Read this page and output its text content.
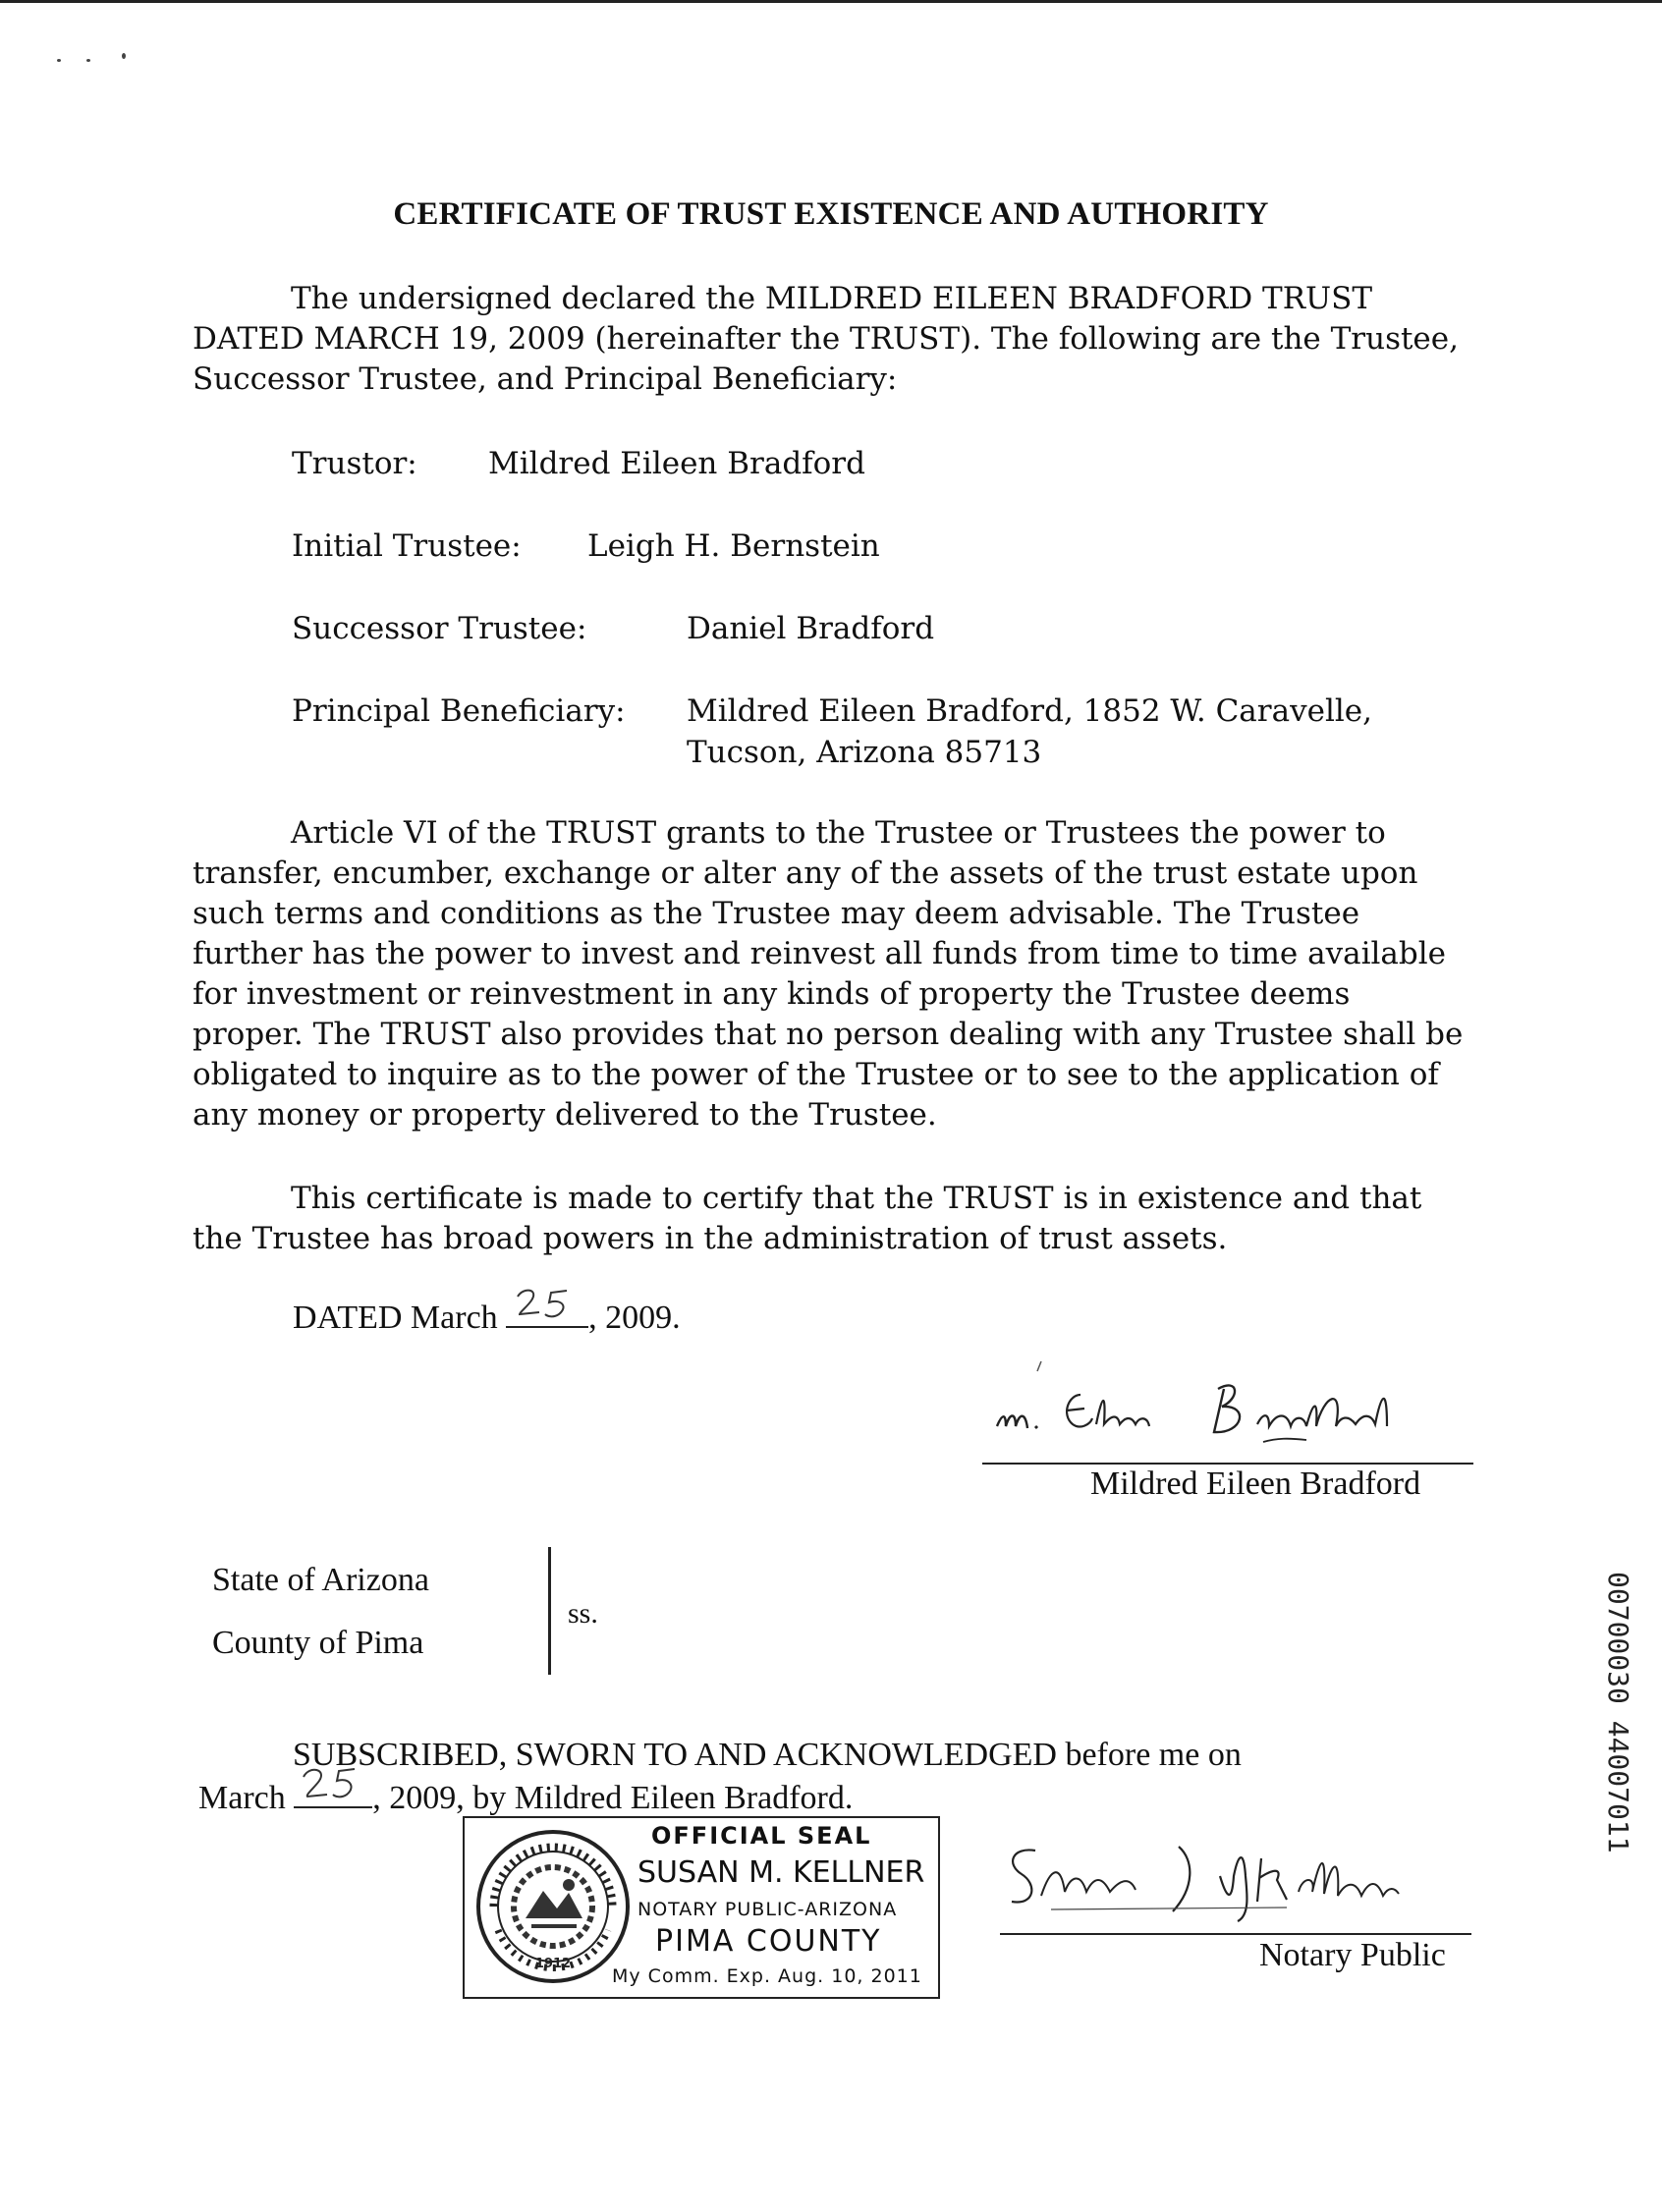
CERTIFICATE OF TRUST EXISTENCE AND AUTHORITY

The undersigned declared the MILDRED EILEEN BRADFORD TRUST DATED MARCH 19, 2009 (hereinafter the TRUST). The following are the Trustee, Successor Trustee, and Principal Beneficiary:

Trustor: Mildred Eileen Bradford
Initial Trustee: Leigh H. Bernstein
Successor Trustee:	Daniel Bradford
Principal Beneficiary: Mildred Eileen Bradford, 1852 W. Caravelle,
Tucson, Arizona 85713

Article VI of the TRUST grants to the Trustee or Trustees the power to transfer, encumber, exchange or alter any of the assets of the trust estate upon such terms and conditions as the Trustee may deem advisable. The Trustee further has the power to invest and reinvest all funds from time to time available for investment or reinvestment in any kinds of property the Trustee deems proper. The TRUST also provides that no person dealing with any Trustee shall be obligated to inquire as to the power of the Trustee or to see to the application of any money or property delivered to the Trustee.

This certificate is made to certify that the TRUST is in existence and that the Trustee has broad powers in the administration of trust assets.

DATED March	, 2009.
Mildred Eileen Bradford
State of Arizona
County of Pima
ss.

SUBSCRIBED, SWORN TO AND ACKNOWLEDGED before me on
March	, 2009, by Mildred Eileen Bradford.

1912
OFFICIAL SEAL
SUSAN M. KELLNER
NOTARY PUBLIC-ARIZONA
PIMA COUNTY
My Comm. Exp. Aug. 10, 2011
Notary Public
00700030 44007011
